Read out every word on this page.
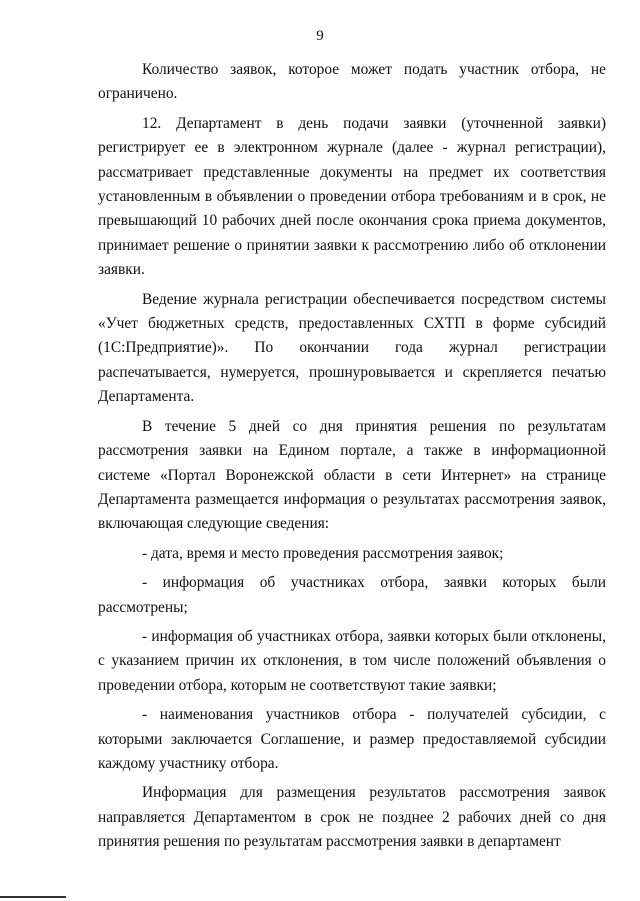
9

Количество заявок, которое может подать участник отбора, не ограничено.

12. Департамент в день подачи заявки (уточненной заявки) регистрирует ее в электронном журнале (далее - журнал регистрации), рассматривает представленные документы на предмет их соответствия установленным в объявлении о проведении отбора требованиям и в срок, не превышающий 10 рабочих дней после окончания срока приема документов, принимает решение о принятии заявки к рассмотрению либо об отклонении заявки.

Ведение журнала регистрации обеспечивается посредством системы «Учет бюджетных средств, предоставленных СХТП в форме субсидий (1С:Предприятие)». По окончании года журнал регистрации распечатывается, нумеруется, прошнуровывается и скрепляется печатью Департамента.

В течение 5 дней со дня принятия решения по результатам рассмотрения заявки на Едином портале, а также в информационной системе «Портал Воронежской области в сети Интернет» на странице Департамента размещается информация о результатах рассмотрения заявок, включающая следующие сведения:

- дата, время и место проведения рассмотрения заявок;

- информация об участниках отбора, заявки которых были рассмотрены;

- информация об участниках отбора, заявки которых были отклонены, с указанием причин их отклонения, в том числе положений объявления о проведении отбора, которым не соответствуют такие заявки;

- наименования участников отбора - получателей субсидии, с которыми заключается Соглашение, и размер предоставляемой субсидии каждому участнику отбора.

Информация для размещения результатов рассмотрения заявок направляется Департаментом в срок не позднее 2 рабочих дней со дня принятия решения по результатам рассмотрения заявки в департамент
